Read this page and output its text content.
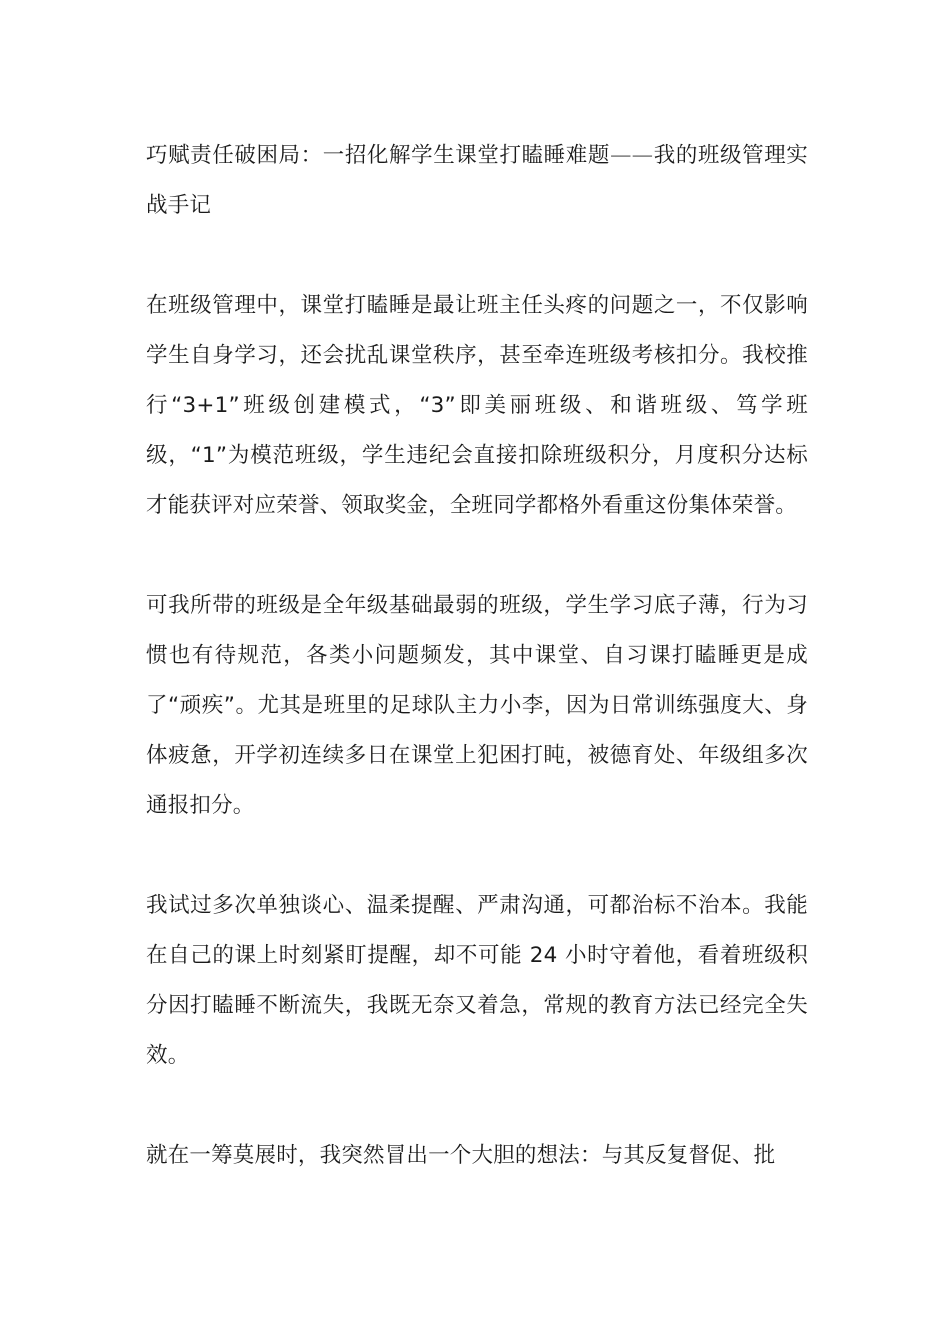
巧赋责任破困局：一招化解学生课堂打瞌睡难题——我的班级管理实战手记

在班级管理中，课堂打瞌睡是最让班主任头疼的问题之一，不仅影响学生自身学习，还会扰乱课堂秩序，甚至牵连班级考核扣分。我校推行“3+1”班级创建模式，“3”即美丽班级、和谐班级、笃学班级，“1”为模范班级，学生违纪会直接扣除班级积分，月度积分达标才能获评对应荣誉、领取奖金，全班同学都格外看重这份集体荣誉。

可我所带的班级是全年级基础最弱的班级，学生学习底子薄，行为习惯也有待规范，各类小问题频发，其中课堂、自习课打瞌睡更是成了“顽疾”。尤其是班里的足球队主力小李，因为日常训练强度大、身体疲惫，开学初连续多日在课堂上犯困打盹，被德育处、年级组多次通报扣分。

我试过多次单独谈心、温柔提醒、严肃沟通，可都治标不治本。我能在自己的课上时刻紧盯提醒，却不可能 24 小时守着他，看着班级积分因打瞌睡不断流失，我既无奈又着急，常规的教育方法已经完全失效。

就在一筹莫展时，我突然冒出一个大胆的想法：与其反复督促、批
